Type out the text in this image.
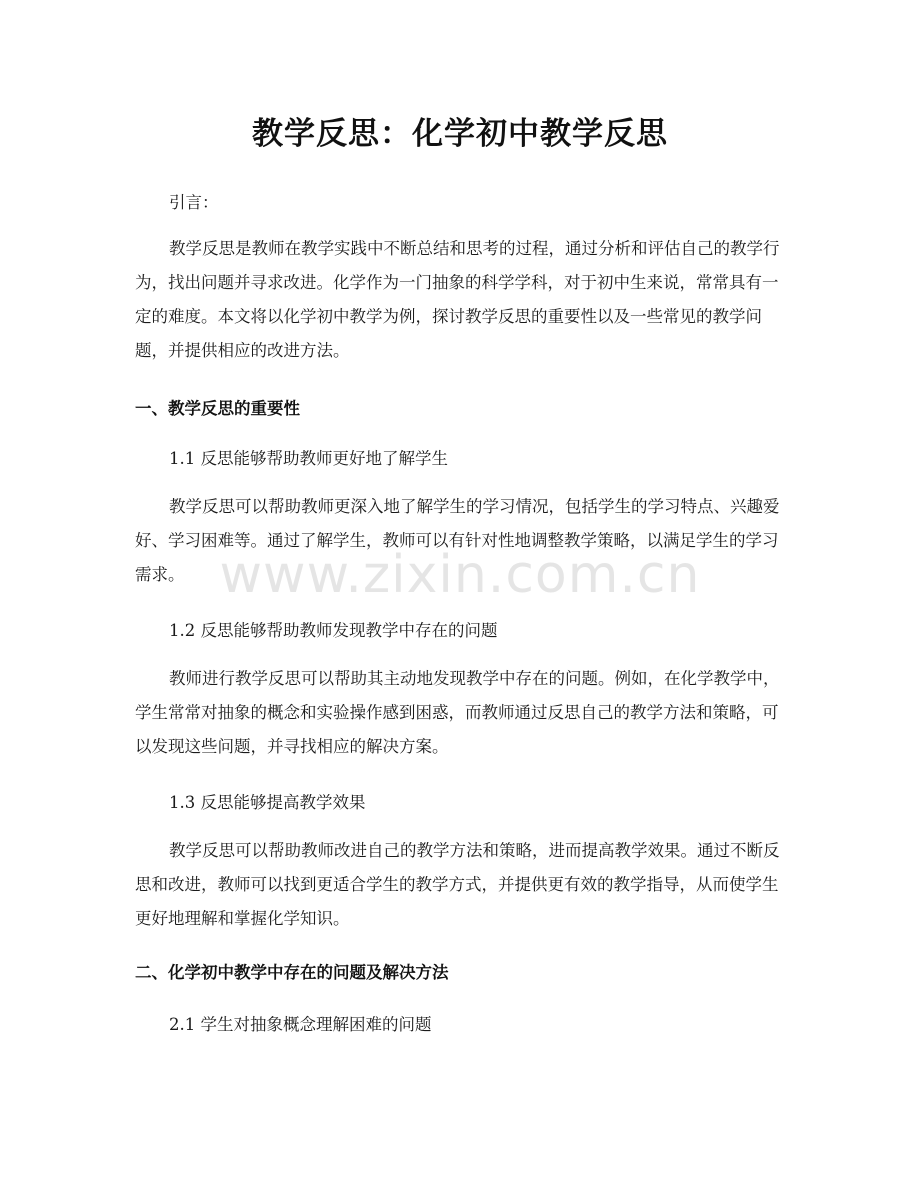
教学反思：化学初中教学反思

引言：

教学反思是教师在教学实践中不断总结和思考的过程，通过分析和评估自己的教学行为，找出问题并寻求改进。化学作为一门抽象的科学学科，对于初中生来说，常常具有一定的难度。本文将以化学初中教学为例，探讨教学反思的重要性以及一些常见的教学问题，并提供相应的改进方法。

一、教学反思的重要性

1.1 反思能够帮助教师更好地了解学生

教学反思可以帮助教师更深入地了解学生的学习情况，包括学生的学习特点、兴趣爱好、学习困难等。通过了解学生，教师可以有针对性地调整教学策略，以满足学生的学习需求。

1.2 反思能够帮助教师发现教学中存在的问题

教师进行教学反思可以帮助其主动地发现教学中存在的问题。例如，在化学教学中，学生常常对抽象的概念和实验操作感到困惑，而教师通过反思自己的教学方法和策略，可以发现这些问题，并寻找相应的解决方案。

1.3 反思能够提高教学效果

教学反思可以帮助教师改进自己的教学方法和策略，进而提高教学效果。通过不断反思和改进，教师可以找到更适合学生的教学方式，并提供更有效的教学指导，从而使学生更好地理解和掌握化学知识。

二、化学初中教学中存在的问题及解决方法

2.1 学生对抽象概念理解困难的问题

www.zixin.com.cn
